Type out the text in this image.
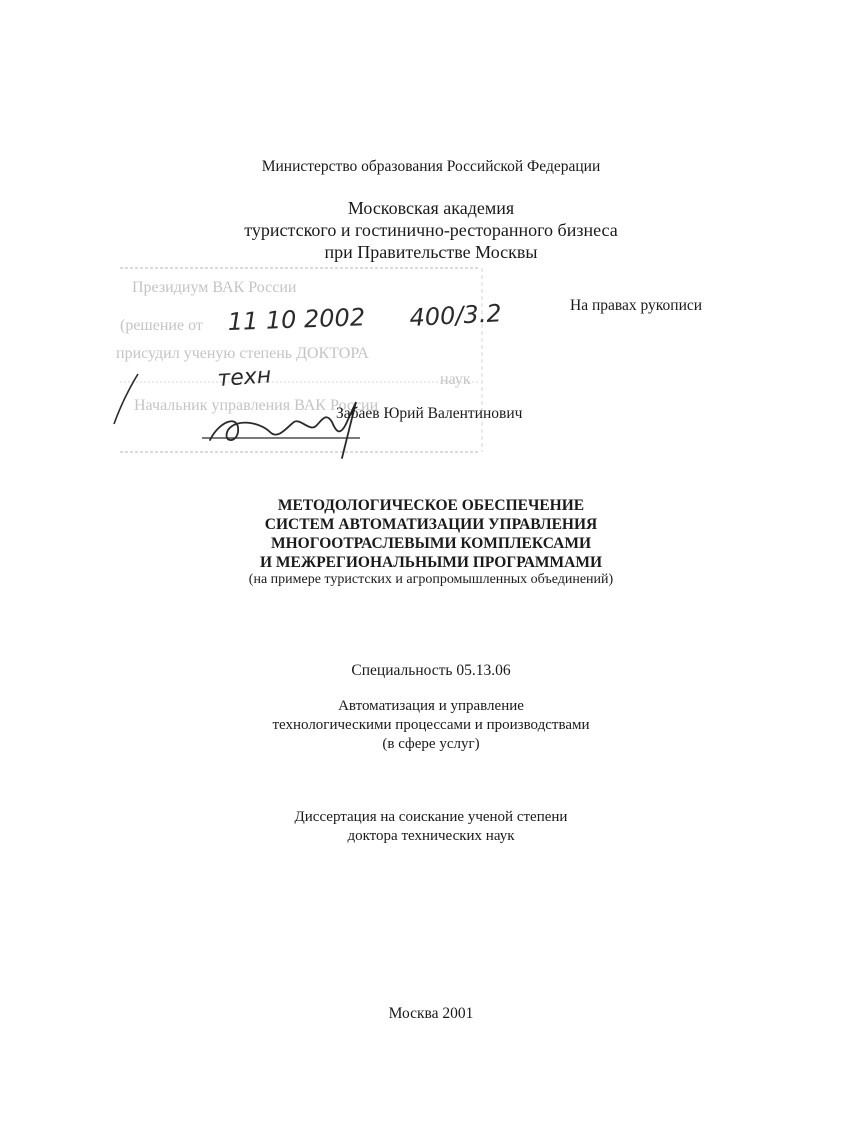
Министерство образования Российской Федерации
Московская академия
туристского и гостинично-ресторанного бизнеса
при Правительстве Москвы
На правах рукописи
Президиум ВАК России
(решение от
присудил ученую степень ДОКТОРА
наук
Начальник управления ВАК России
11 10 2002 400/3.2
техн
Забаев Юрий Валентинович
МЕТОДОЛОГИЧЕСКОЕ ОБЕСПЕЧЕНИЕ
СИСТЕМ АВТОМАТИЗАЦИИ УПРАВЛЕНИЯ
МНОГООТРАСЛЕВЫМИ КОМПЛЕКСАМИ
И МЕЖРЕГИОНАЛЬНЫМИ ПРОГРАММАМИ
(на примере туристских и агропромышленных объединений)
Специальность 05.13.06
Автоматизация и управление
технологическими процессами и производствами
(в сфере услуг)
Диссертация на соискание ученой степени
доктора технических наук
Москва 2001
